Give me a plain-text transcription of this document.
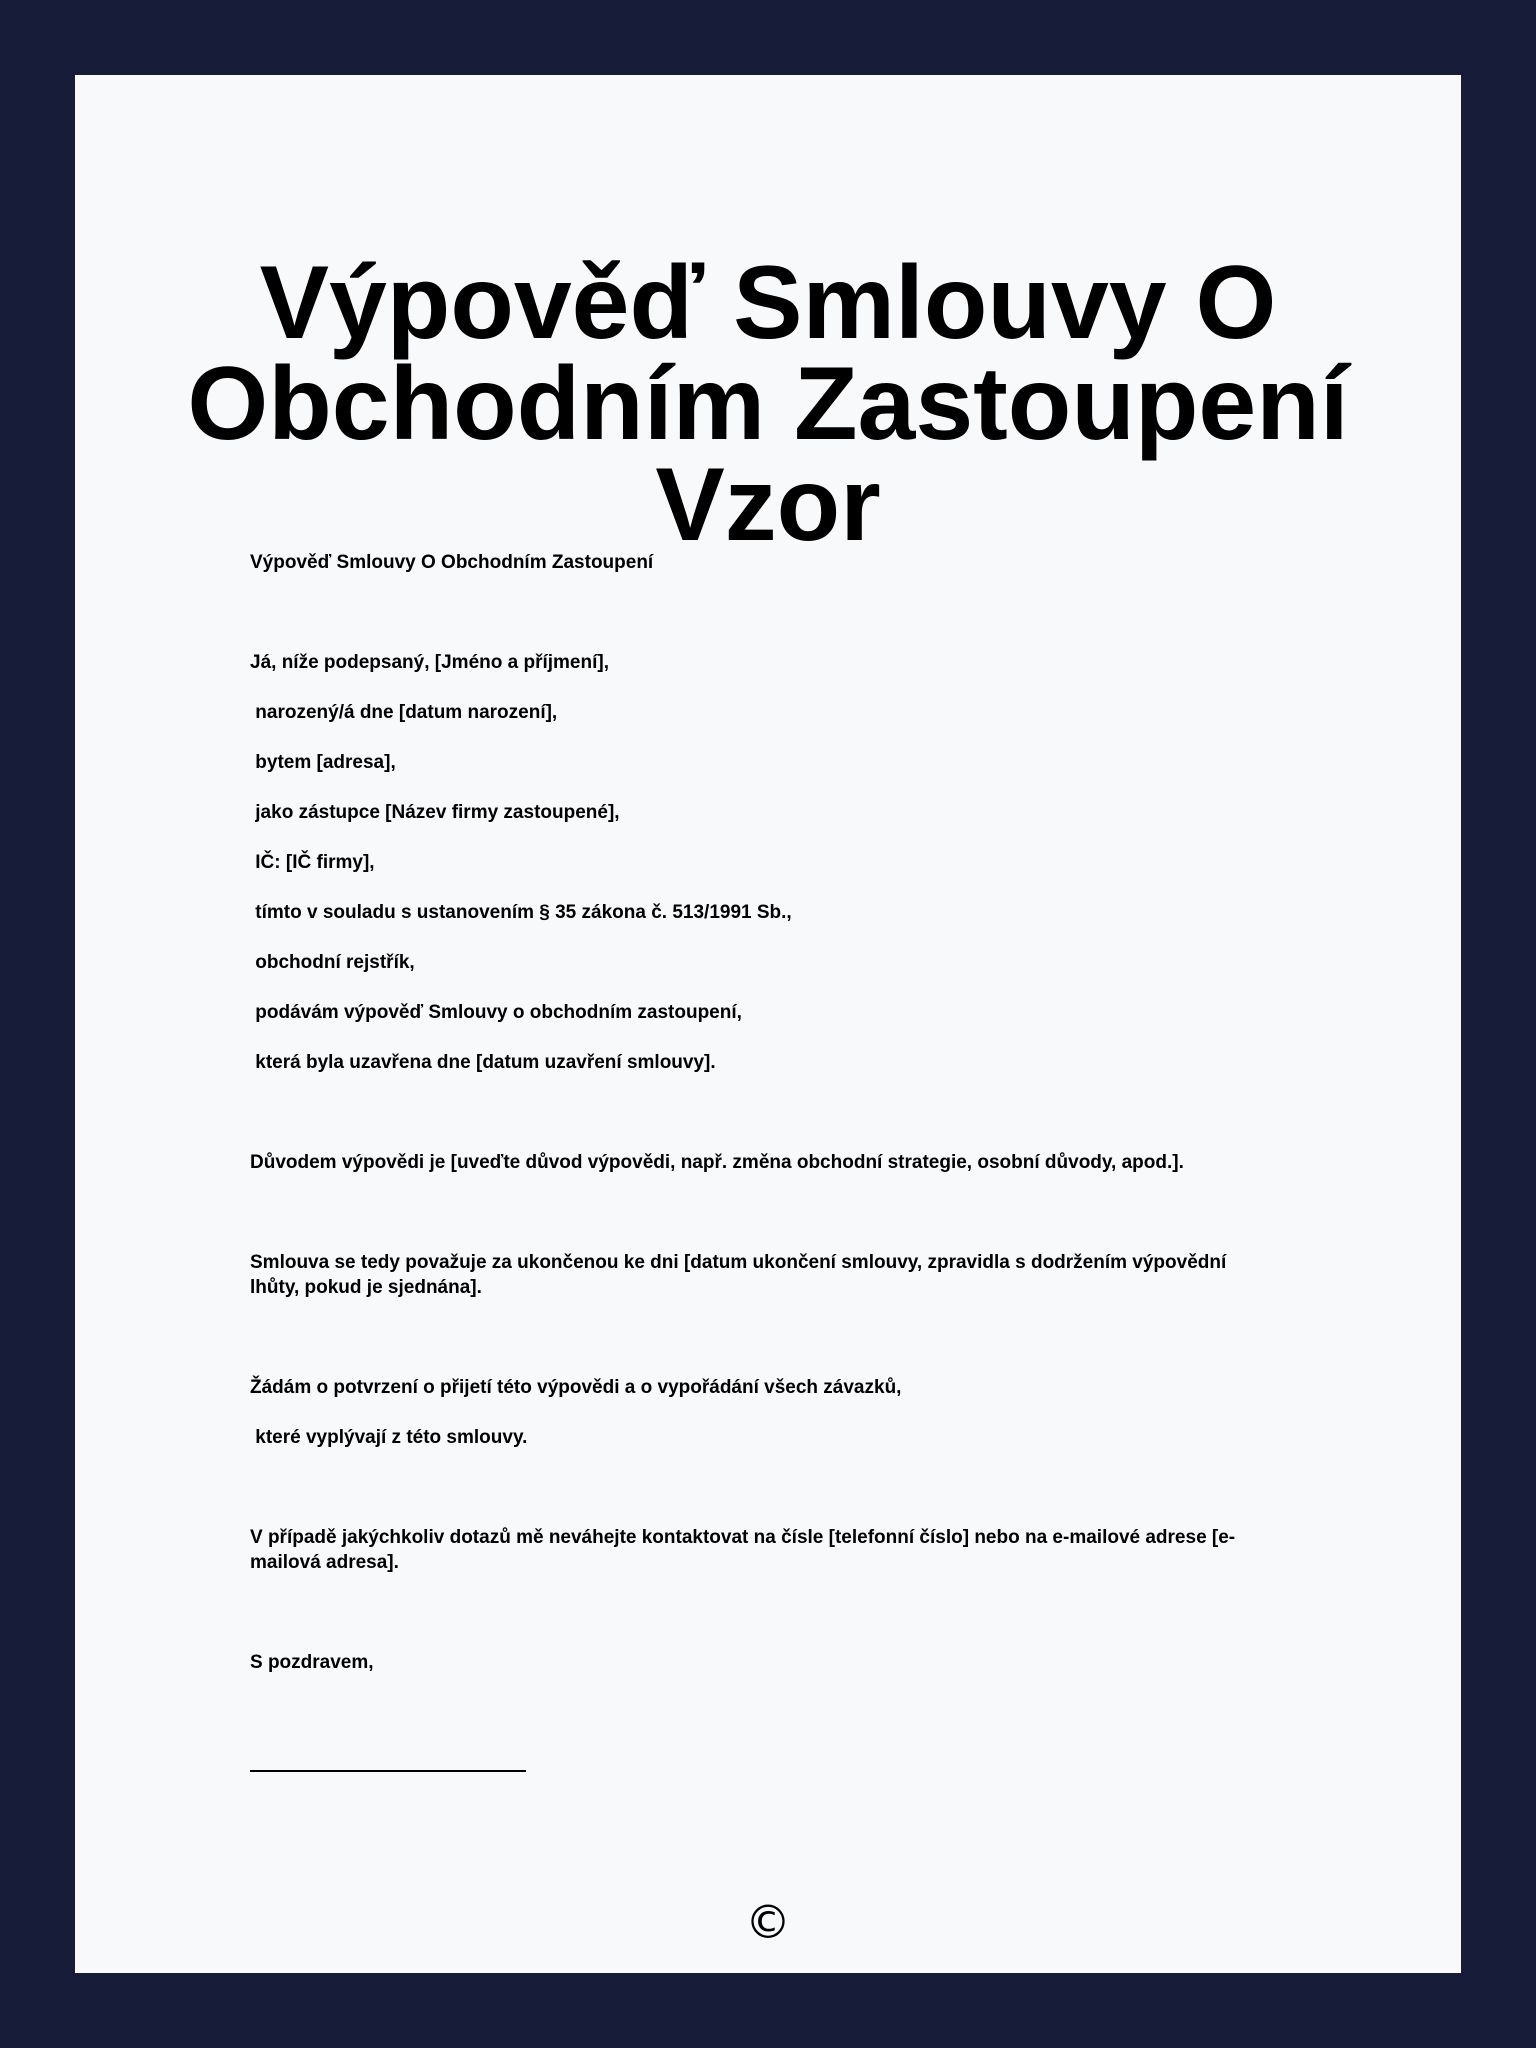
Výpověď Smlouvy O Obchodním Zastoupení Vzor

Výpověď Smlouvy O Obchodním Zastoupení

Já, níže podepsaný, [Jméno a příjmení],

narozený/á dne [datum narození],

bytem [adresa],

jako zástupce [Název firmy zastoupené],

IČ: [IČ firmy],

tímto v souladu s ustanovením § 35 zákona č. 513/1991 Sb.,

obchodní rejstřík,

podávám výpověď Smlouvy o obchodním zastoupení,

která byla uzavřena dne [datum uzavření smlouvy].

Důvodem výpovědi je [uveďte důvod výpovědi, např. změna obchodní strategie, osobní důvody, apod.].

Smlouva se tedy považuje za ukončenou ke dni [datum ukončení smlouvy, zpravidla s dodržením výpovědní lhůty, pokud je sjednána].

Žádám o potvrzení o přijetí této výpovědi a o vypořádání všech závazků,

které vyplývají z této smlouvy.

V případě jakýchkoliv dotazů mě neváhejte kontaktovat na čísle [telefonní číslo] nebo na e-mailové adrese [e-mailová adresa].

S pozdravem,

©
